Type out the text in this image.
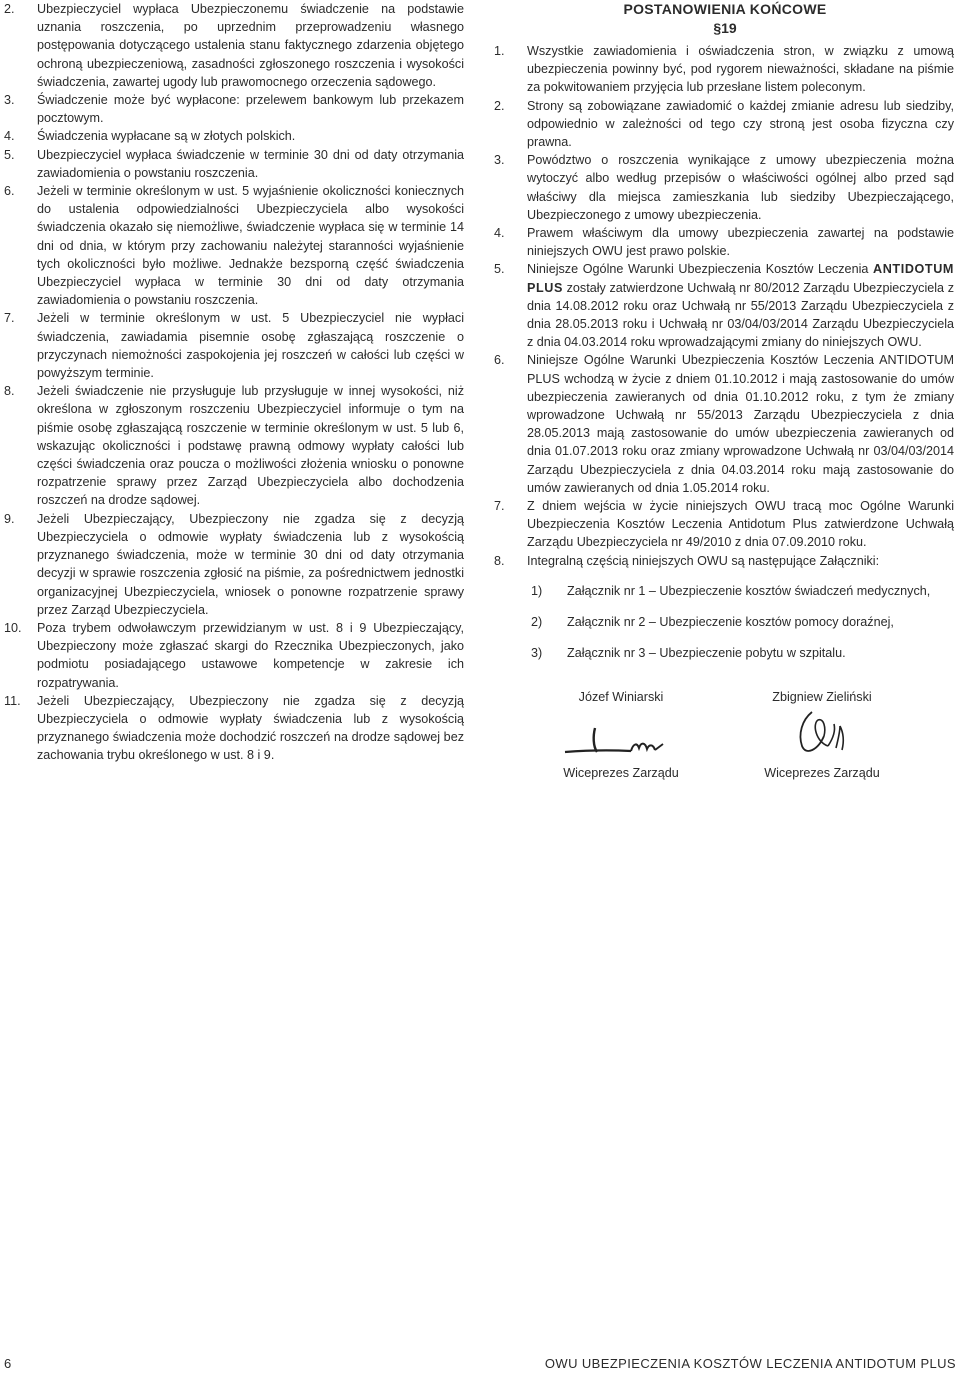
2. Ubezpieczyciel wypłaca Ubezpieczonemu świadczenie na podstawie uznania roszczenia, po uprzednim przeprowadzeniu własnego postępowania dotyczącego ustalenia stanu faktycznego zdarzenia objętego ochroną ubezpieczeniową, zasadności zgłoszonego roszczenia i wysokości świadczenia, zawartej ugody lub prawomocnego orzeczenia sądowego.

3. Świadczenie może być wypłacone: przelewem bankowym lub przekazem pocztowym.

4. Świadczenia wypłacane są w złotych polskich.

5. Ubezpieczyciel wypłaca świadczenie w terminie 30 dni od daty otrzymania zawiadomienia o powstaniu roszczenia.

6. Jeżeli w terminie określonym w ust. 5 wyjaśnienie okoliczności koniecznych do ustalenia odpowiedzialności Ubezpieczyciela albo wysokości świadczenia okazało się niemożliwe, świadczenie wypłaca się w terminie 14 dni od dnia, w którym przy zachowaniu należytej staranności wyjaśnienie tych okoliczności było możliwe. Jednakże bezsporną część świadczenia Ubezpieczyciel wypłaca w terminie 30 dni od daty otrzymania zawiadomienia o powstaniu roszczenia.

7. Jeżeli w terminie określonym w ust. 5 Ubezpieczyciel nie wypłaci świadczenia, zawiadamia pisemnie osobę zgłaszającą roszczenie o przyczynach niemożności zaspokojenia jej roszczeń w całości lub części w powyższym terminie.

8. Jeżeli świadczenie nie przysługuje lub przysługuje w innej wysokości, niż określona w zgłoszonym roszczeniu Ubezpieczyciel informuje o tym na piśmie osobę zgłaszającą roszczenie w terminie określonym w ust. 5 lub 6, wskazując okoliczności i podstawę prawną odmowy wypłaty całości lub części świadczenia oraz poucza o możliwości złożenia wniosku o ponowne rozpatrzenie sprawy przez Zarząd Ubezpieczyciela albo dochodzenia roszczeń na drodze sądowej.

9. Jeżeli Ubezpieczający, Ubezpieczony nie zgadza się z decyzją Ubezpieczyciela o odmowie wypłaty świadczenia lub z wysokością przyznanego świadczenia, może w terminie 30 dni od daty otrzymania decyzji w sprawie roszczenia zgłosić na piśmie, za pośrednictwem jednostki organizacyjnej Ubezpieczyciela, wniosek o ponowne rozpatrzenie sprawy przez Zarząd Ubezpieczyciela.

10. Poza trybem odwoławczym przewidzianym w ust. 8 i 9 Ubezpieczający, Ubezpieczony może zgłaszać skargi do Rzecznika Ubezpieczonych, jako podmiotu posiadającego ustawowe kompetencje w zakresie ich rozpatrywania.

11. Jeżeli Ubezpieczający, Ubezpieczony nie zgadza się z decyzją Ubezpieczyciela o odmowie wypłaty świadczenia lub z wysokością przyznanego świadczenia może dochodzić roszczeń na drodze sądowej bez zachowania trybu określonego w ust. 8 i 9.

POSTANOWIENIA KOŃCOWE

§19

1. Wszystkie zawiadomienia i oświadczenia stron, w związku z umową ubezpieczenia powinny być, pod rygorem nieważności, składane na piśmie za pokwitowaniem przyjęcia lub przesłane listem poleconym.

2. Strony są zobowiązane zawiadomić o każdej zmianie adresu lub siedziby, odpowiednio w zależności od tego czy stroną jest osoba fizyczna czy prawna.

3. Powództwo o roszczenia wynikające z umowy ubezpieczenia można wytoczyć albo według przepisów o właściwości ogólnej albo przed sąd właściwy dla miejsca zamieszkania lub siedziby Ubezpieczającego, Ubezpieczonego z umowy ubezpieczenia.

4. Prawem właściwym dla umowy ubezpieczenia zawartej na podstawie niniejszych OWU jest prawo polskie.

5. Niniejsze Ogólne Warunki Ubezpieczenia Kosztów Leczenia ANTIDOTUM PLUS zostały zatwierdzone Uchwałą nr 80/2012 Zarządu Ubezpieczyciela z dnia 14.08.2012 roku oraz Uchwałą nr 55/2013 Zarządu Ubezpieczyciela z dnia 28.05.2013 roku i Uchwałą nr 03/04/03/2014 Zarządu Ubezpieczyciela z dnia 04.03.2014 roku wprowadzającymi zmiany do niniejszych OWU.

6. Niniejsze Ogólne Warunki Ubezpieczenia Kosztów Leczenia ANTIDOTUM PLUS wchodzą w życie z dniem 01.10.2012 i mają zastosowanie do umów ubezpieczenia zawieranych od dnia 01.10.2012 roku, z tym że zmiany wprowadzone Uchwałą nr 55/2013 Zarządu Ubezpieczyciela z dnia 28.05.2013 mają zastosowanie do umów ubezpieczenia zawieranych od dnia 01.07.2013 roku oraz zmiany wprowadzone Uchwałą nr 03/04/03/2014 Zarządu Ubezpieczyciela z dnia 04.03.2014 roku mają zastosowanie do umów zawieranych od dnia 1.05.2014 roku.

7. Z dniem wejścia w życie niniejszych OWU tracą moc Ogólne Warunki Ubezpieczenia Kosztów Leczenia Antidotum Plus zatwierdzone Uchwałą Zarządu Ubezpieczyciela nr 49/2010 z dnia 07.09.2010 roku.

8. Integralną częścią niniejszych OWU są następujące Załączniki:

1) Załącznik nr 1 – Ubezpieczenie kosztów świadczeń medycznych,

2) Załącznik nr 2 – Ubezpieczenie kosztów pomocy doraźnej,

3) Załącznik nr 3 – Ubezpieczenie pobytu w szpitalu.

Józef Winiarski
Wiceprezes Zarządu
Zbigniew Zieliński
Wiceprezes Zarządu
6	OWU UBEZPIECZENIA KOSZTÓW LECZENIA ANTIDOTUM PLUS
